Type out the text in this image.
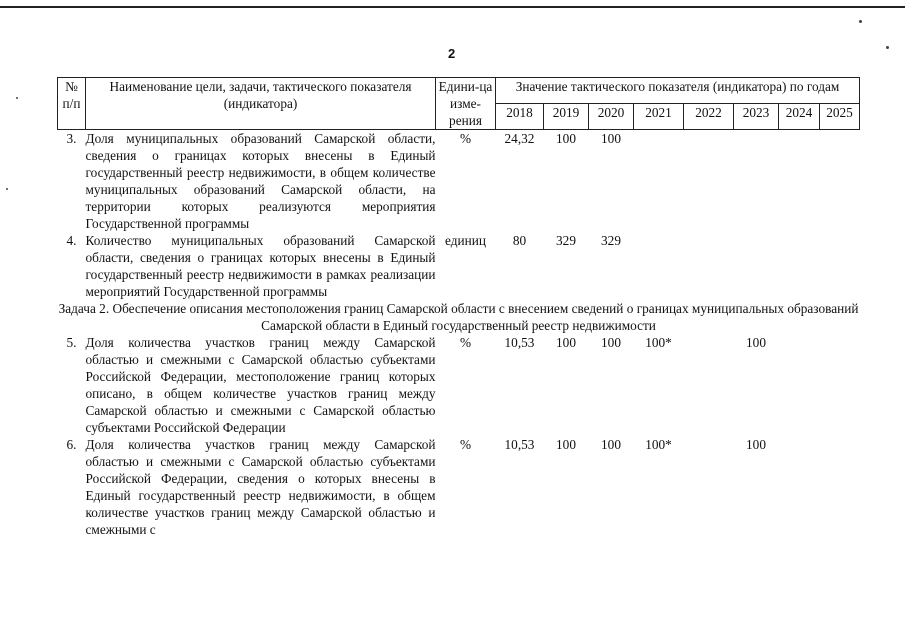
2
№ п/п	Наименование цели, задачи, тактического показателя (индикатора)	Едини-ца изме-рения	Значение тактического показателя (индикатора) по годам							
			2018	2019	2020	2021	2022	2023	2024	2025
3.	Доля муниципальных образований Самарской области, сведения о границах которых внесены в Единый государственный реестр недвижимости, в общем количестве муниципальных образований Самарской области, на территории которых реализуются мероприятия Государственной программы	%	24,32	100	100					
4.	Количество муниципальных образований Самарской области, сведения о границах которых внесены в Единый государственный реестр недвижимости в рамках реализации мероприятий Государственной программы	единиц	80	329	329					
Задача 2. Обеспечение описания местоположения границ Самарской области с внесением сведений о границах муниципальных образований Самарской области в Единый государственный реестр недвижимости										
5.	Доля количества участков границ между Самарской областью и смежными с Самарской областью субъектами Российской Федерации, местоположение границ которых описано, в общем количестве участков границ между Самарской областью и смежными с Самарской областью субъектами Российской Федерации	%	10,53	100	100	100*		100		
6.	Доля количества участков границ между Самарской областью и смежными с Самарской областью субъектами Российской Федерации, сведения о которых внесены в Единый государственный реестр недвижимости, в общем количестве участков границ между Самарской областью и смежными с	%	10,53	100	100	100*		100		
